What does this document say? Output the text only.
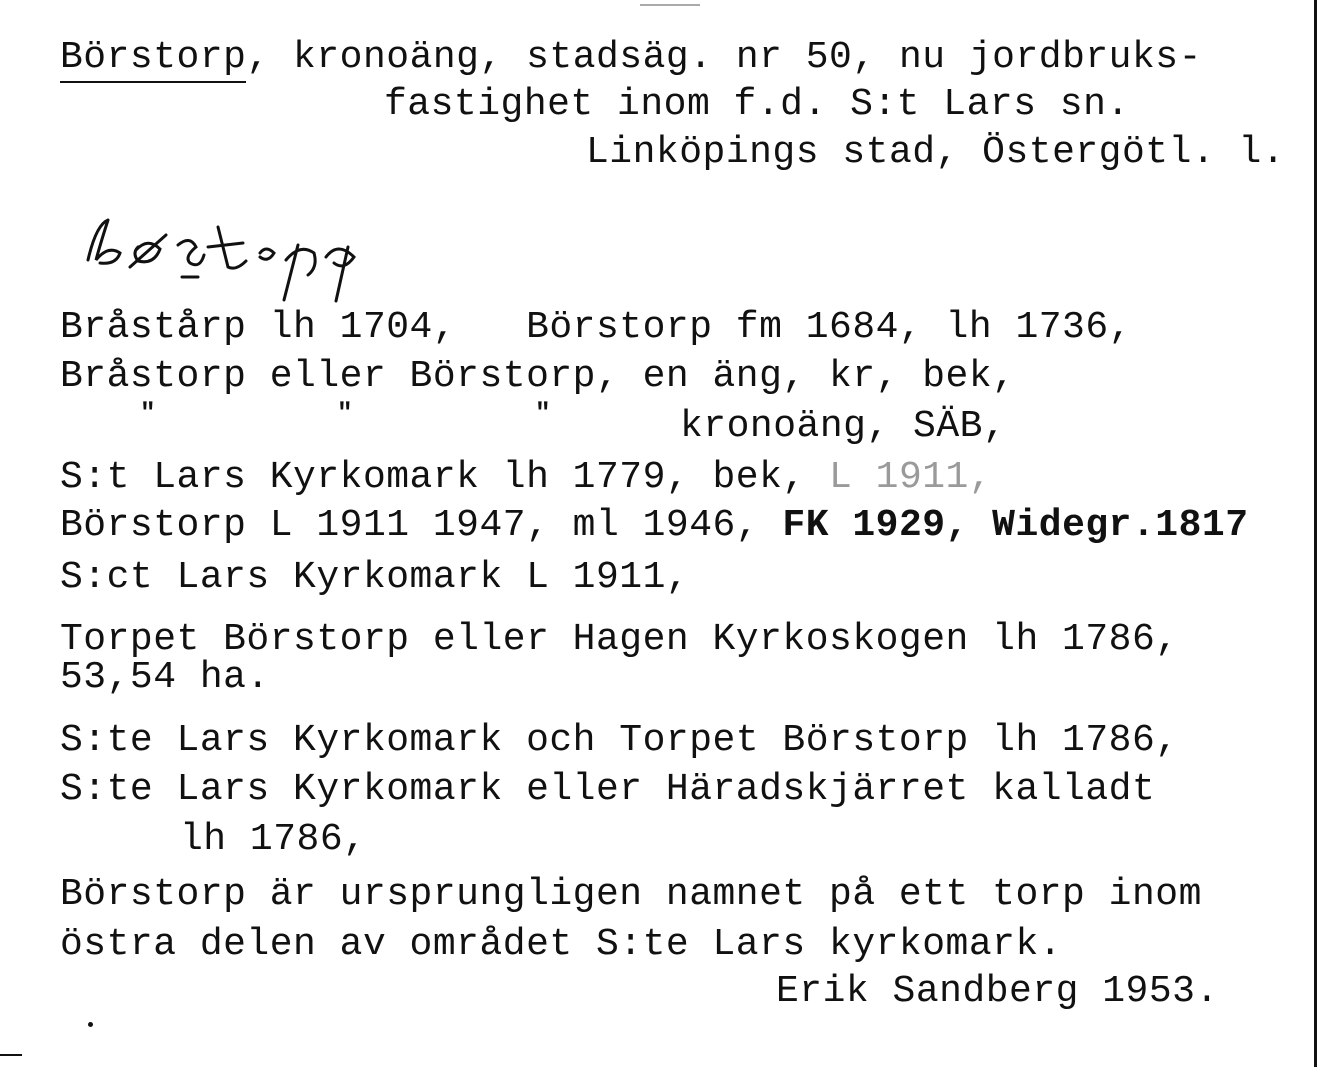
Börstorp, kronoäng, stadsäg. nr 50, nu jordbruks-
fastighet inom f.d. S:t Lars sn.
Linköpings stad, Östergötl. l.
Bråstårp lh 1704,   Börstorp fm 1684, lh 1736,
Bråstorp eller Börstorp, en äng, kr, bek,
"	"	"	kronoäng, SÄB,
S:t Lars Kyrkomark lh 1779, bek, L 1911,
Börstorp L 1911 1947, ml 1946, FK 1929, Widegr.1817
S:ct Lars Kyrkomark L 1911,
Torpet Börstorp eller Hagen Kyrkoskogen lh 1786,
53,54 ha.
S:te Lars Kyrkomark och Torpet Börstorp lh 1786,
S:te Lars Kyrkomark eller Häradskjärret kalladt
lh 1786,
Börstorp är ursprungligen namnet på ett torp inom
östra delen av området S:te Lars kyrkomark.
Erik Sandberg 1953.
